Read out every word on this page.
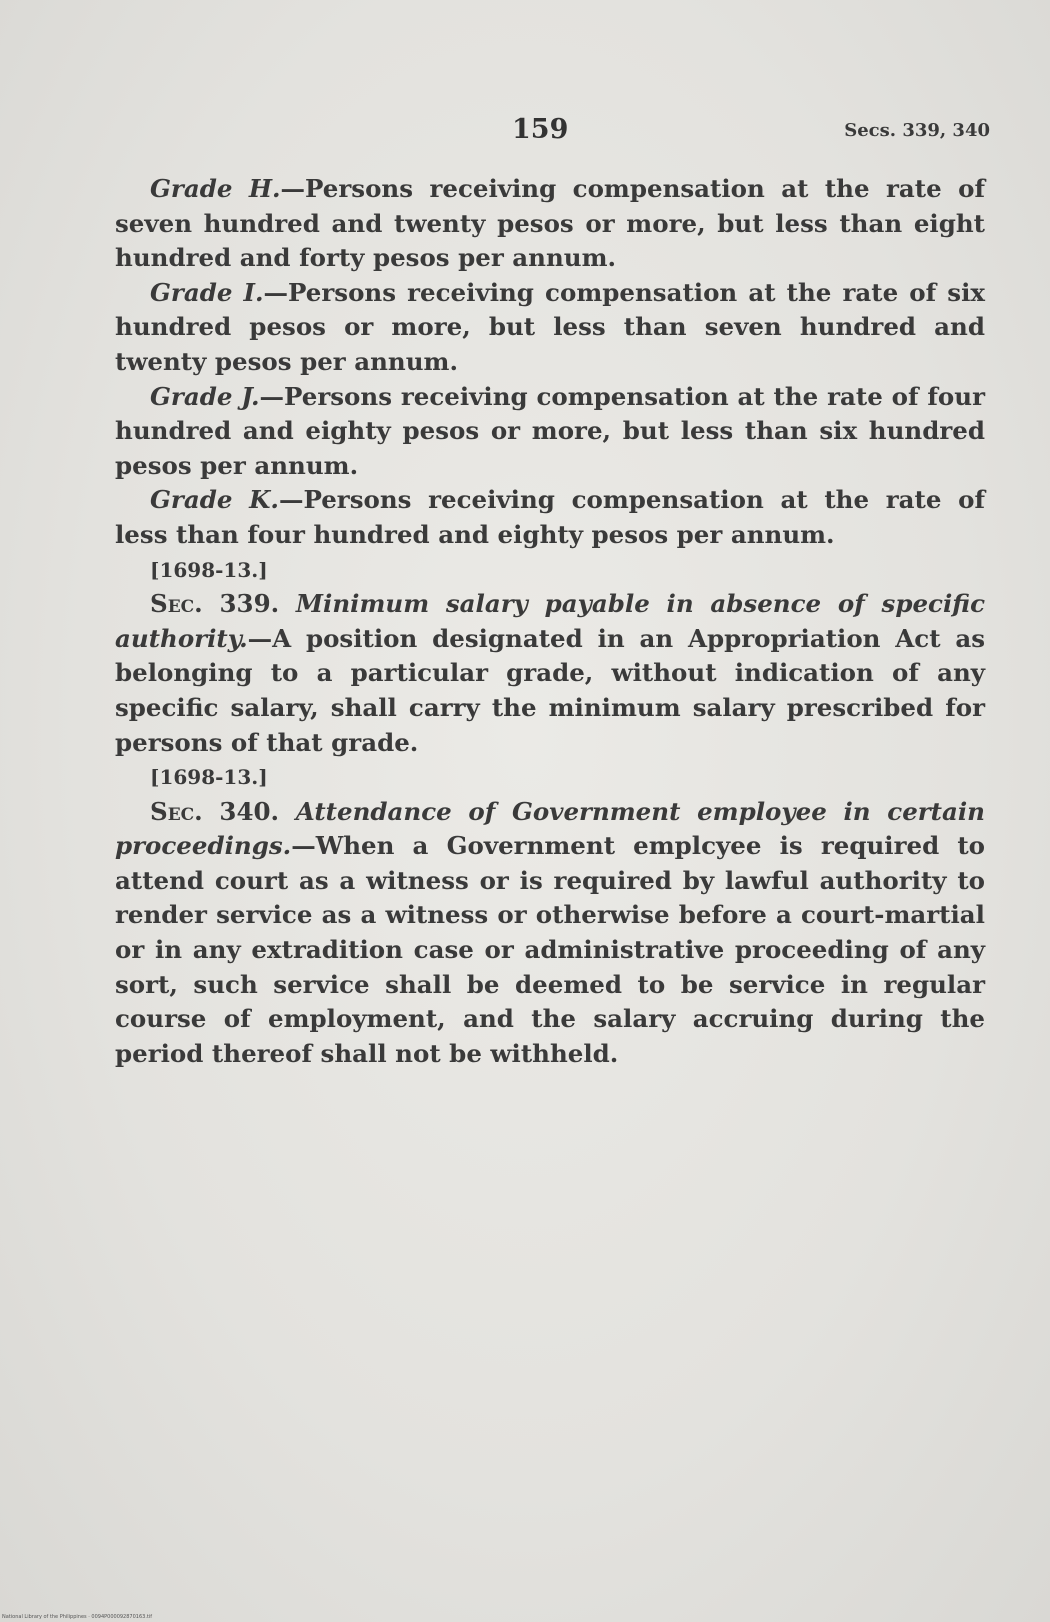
159	Secs. 339, 340

Grade H.—Persons receiving compensation at the rate of seven hundred and twenty pesos or more, but less than eight hundred and forty pesos per annum.

Grade I.—Persons receiving compensation at the rate of six hundred pesos or more, but less than seven hundred and twenty pesos per annum.

Grade J.—Persons receiving compensation at the rate of four hundred and eighty pesos or more, but less than six hundred pesos per annum.

Grade K.—Persons receiving compensation at the rate of less than four hundred and eighty pesos per annum.

[1698-13.]

Sec. 339. Minimum salary payable in absence of specific authority.—A position designated in an Appropriation Act as belonging to a particular grade, without indication of any specific salary, shall carry the minimum salary prescribed for persons of that grade.

[1698-13.]

Sec. 340. Attendance of Government employee in certain proceedings.—When a Government emplcyee is required to attend court as a witness or is required by lawful authority to render service as a witness or otherwise before a court-martial or in any extradition case or administrative proceeding of any sort, such service shall be deemed to be service in regular course of employment, and the salary accruing during the period thereof shall not be withheld.

National Library of the Philippines · 0094P000092870163.tif
